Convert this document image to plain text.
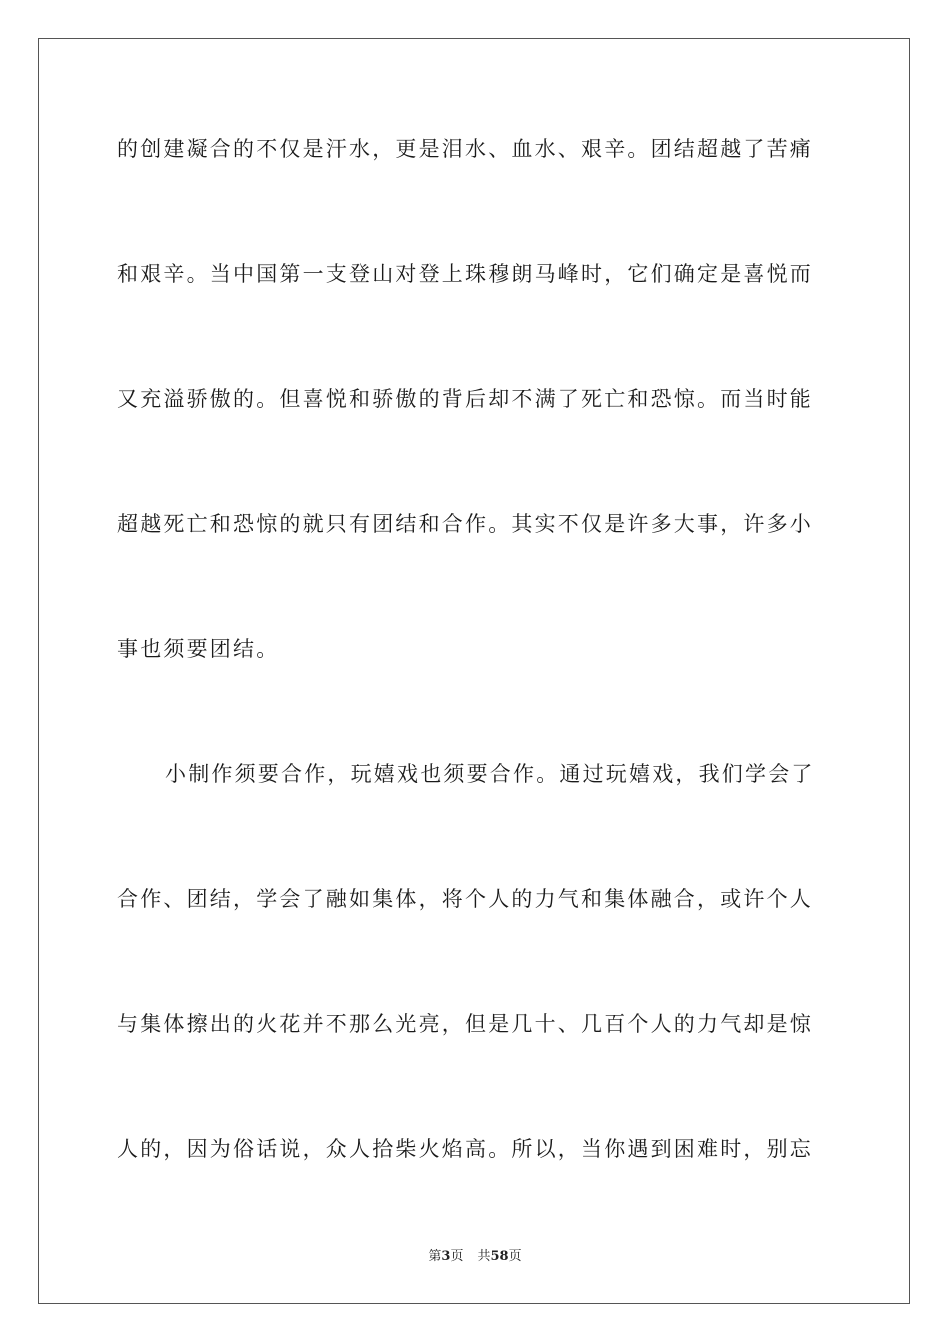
的创建凝合的不仅是汗水，更是泪水、血水、艰辛。团结超越了苦痛
和艰辛。当中国第一支登山对登上珠穆朗马峰时，它们确定是喜悦而
又充溢骄傲的。但喜悦和骄傲的背后却不满了死亡和恐惊。而当时能
超越死亡和恐惊的就只有团结和合作。其实不仅是许多大事，许多小
事也须要团结。
小制作须要合作，玩嬉戏也须要合作。通过玩嬉戏，我们学会了
合作、团结，学会了融如集体，将个人的力气和集体融合，或许个人
与集体擦出的火花并不那么光亮，但是几十、几百个人的力气却是惊
人的，因为俗话说，众人拾柴火焰高。所以，当你遇到困难时，别忘
第3页 共58页
